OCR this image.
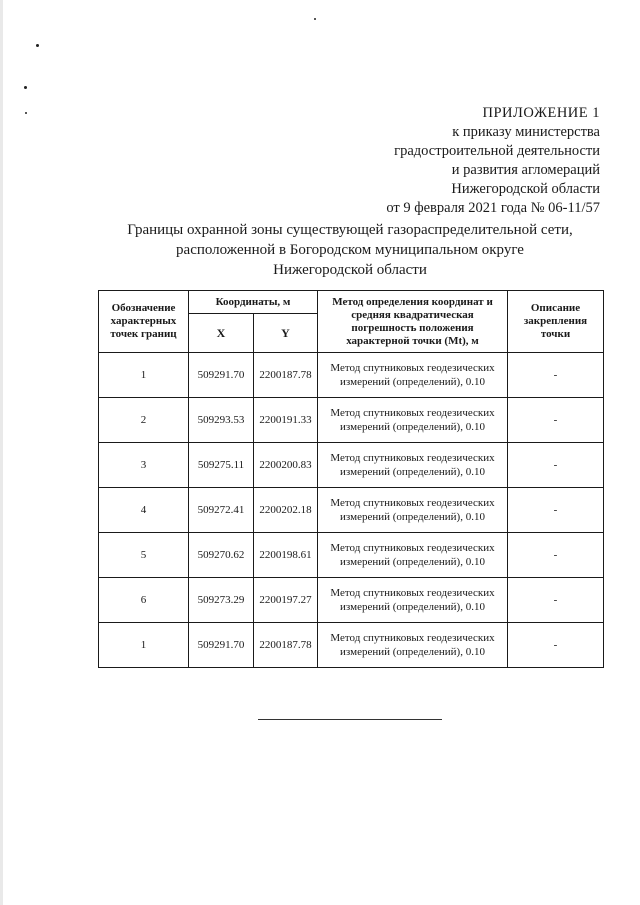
ПРИЛОЖЕНИЕ 1
к приказу министерства
градостроительной деятельности
и развития агломераций
Нижегородской области
от 9 февраля 2021 года № 06-11/57
Границы охранной зоны существующей газораспределительной сети,
расположенной в Богородском муниципальном округе
Нижегородской области
Обозначение характерных точек границ	Координаты, м		Метод определения координат и средняя квадратическая погрешность положения характерной точки (Mt), м	Описание закрепления точки
	X	Y		
1	509291.70	2200187.78	Метод спутниковых геодезических измерений (определений), 0.10	-
2	509293.53	2200191.33	Метод спутниковых геодезических измерений (определений), 0.10	-
3	509275.11	2200200.83	Метод спутниковых геодезических измерений (определений), 0.10	-
4	509272.41	2200202.18	Метод спутниковых геодезических измерений (определений), 0.10	-
5	509270.62	2200198.61	Метод спутниковых геодезических измерений (определений), 0.10	-
6	509273.29	2200197.27	Метод спутниковых геодезических измерений (определений), 0.10	-
1	509291.70	2200187.78	Метод спутниковых геодезических измерений (определений), 0.10	-
